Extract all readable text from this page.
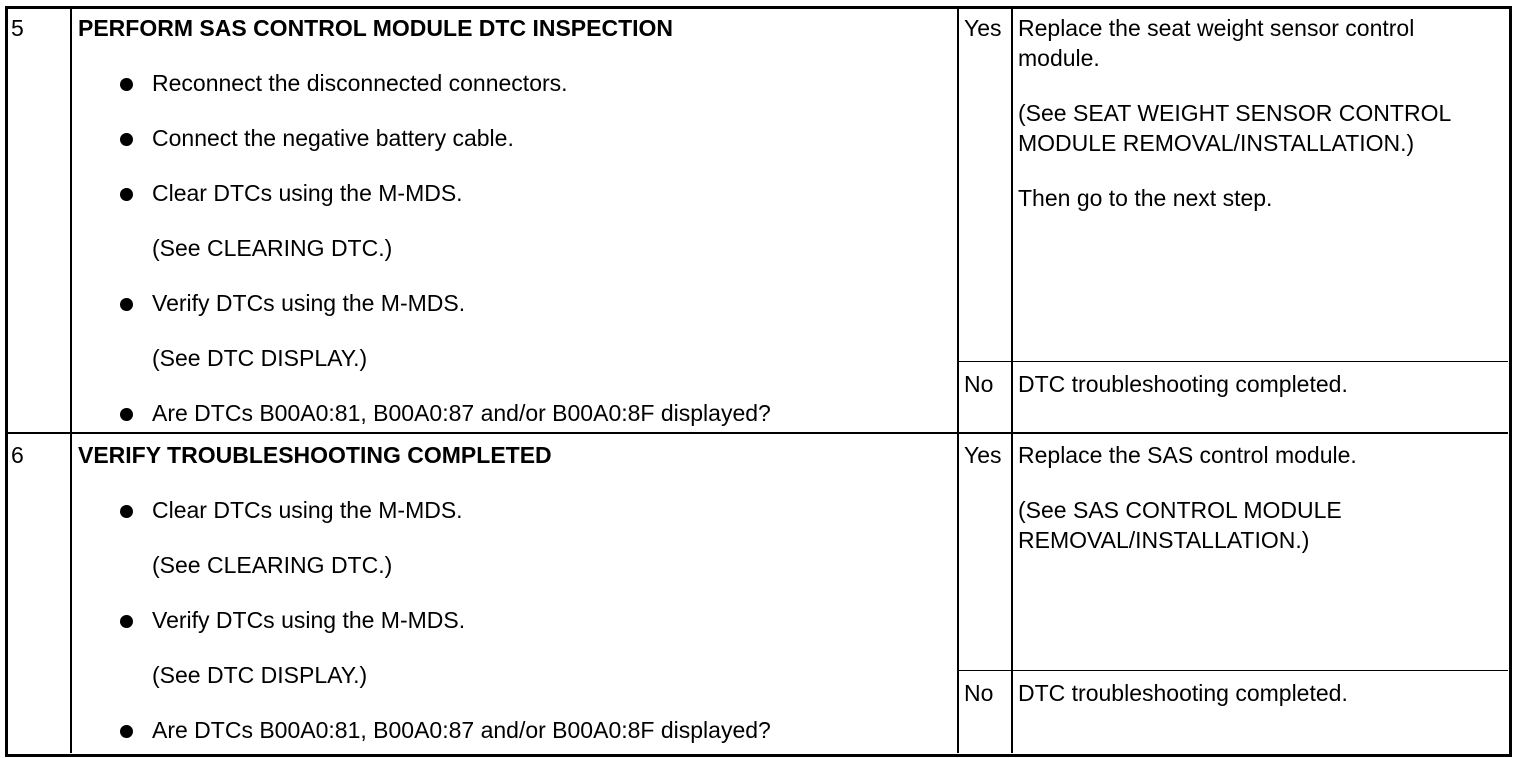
5 PERFORM SAS CONTROL MODULE DTC INSPECTION
Reconnect the disconnected connectors.
Connect the negative battery cable.
Clear DTCs using the M-MDS.
(See CLEARING DTC.)
Verify DTCs using the M-MDS.
(See DTC DISPLAY.)
Are DTCs B00A0:81, B00A0:87 and/or B00A0:8F displayed?
Yes Replace the seat weight sensor control module.
(See SEAT WEIGHT SENSOR CONTROL MODULE REMOVAL/INSTALLATION.)
Then go to the next step.
No DTC troubleshooting completed.
6 VERIFY TROUBLESHOOTING COMPLETED
Clear DTCs using the M-MDS.
(See CLEARING DTC.)
Verify DTCs using the M-MDS.
(See DTC DISPLAY.)
Are DTCs B00A0:81, B00A0:87 and/or B00A0:8F displayed?
Yes Replace the SAS control module.
(See SAS CONTROL MODULE REMOVAL/INSTALLATION.)
No DTC troubleshooting completed.
